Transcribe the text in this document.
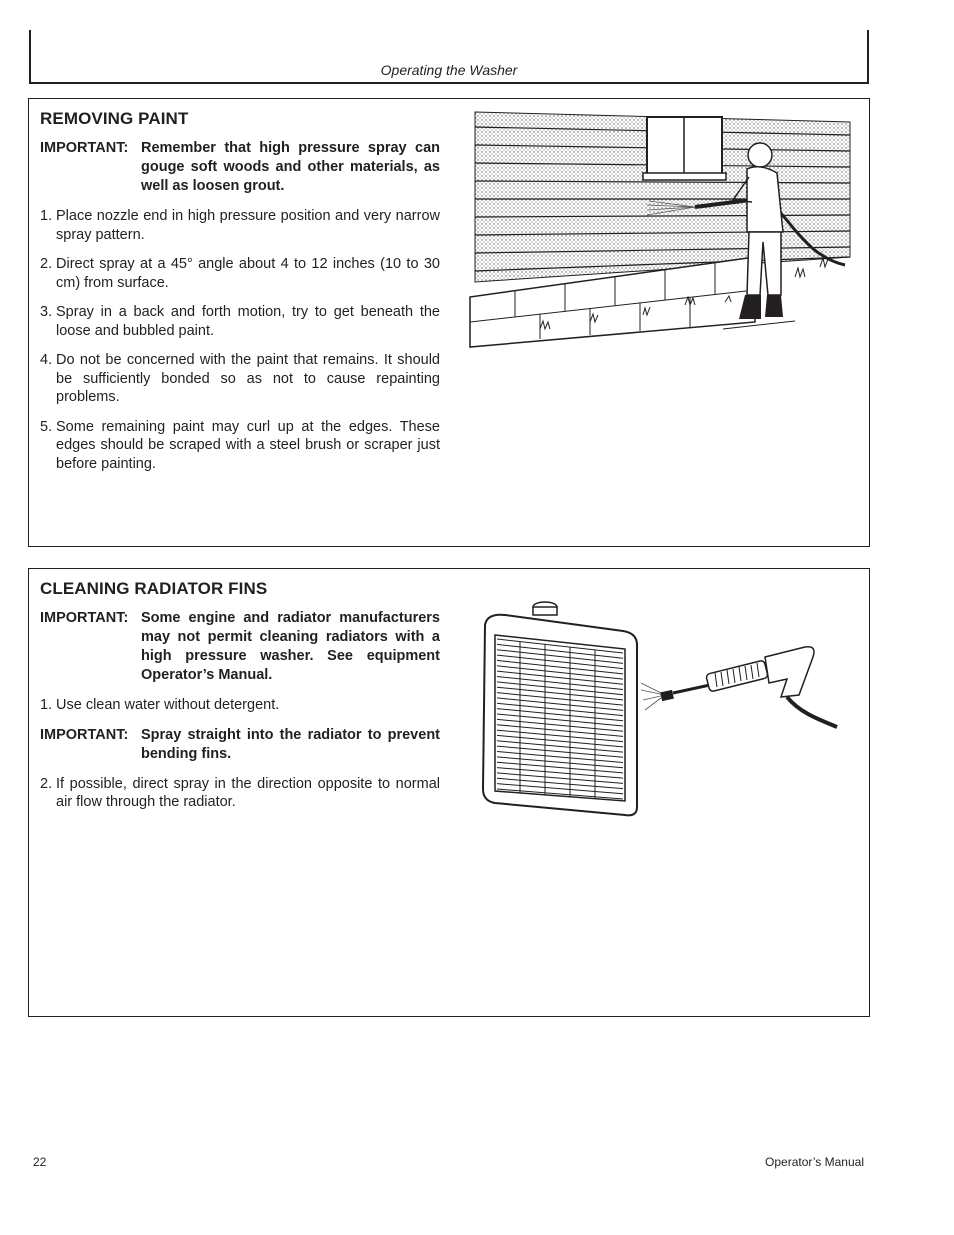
Operating the Washer
REMOVING PAINT
IMPORTANT: Remember that high pressure spray can gouge soft woods and other materials, as well as loosen grout.
1. Place nozzle end in high pressure position and very narrow spray pattern.
2. Direct spray at a 45° angle about 4 to 12 inches (10 to 30 cm) from surface.
3. Spray in a back and forth motion, try to get beneath the loose and bubbled paint.
4. Do not be concerned with the paint that remains. It should be sufficiently bonded so as not to cause repainting problems.
5. Some remaining paint may curl up at the edges. These edges should be scraped with a steel brush or scraper just before painting.
CLEANING RADIATOR FINS
IMPORTANT: Some engine and radiator manufacturers may not permit cleaning radiators with a high pressure washer. See equipment Operator’s Manual.
1. Use clean water without detergent.
IMPORTANT: Spray straight into the radiator to prevent bending fins.
2. If possible, direct spray in the direction opposite to normal air flow through the radiator.
22	Operator’s Manual
